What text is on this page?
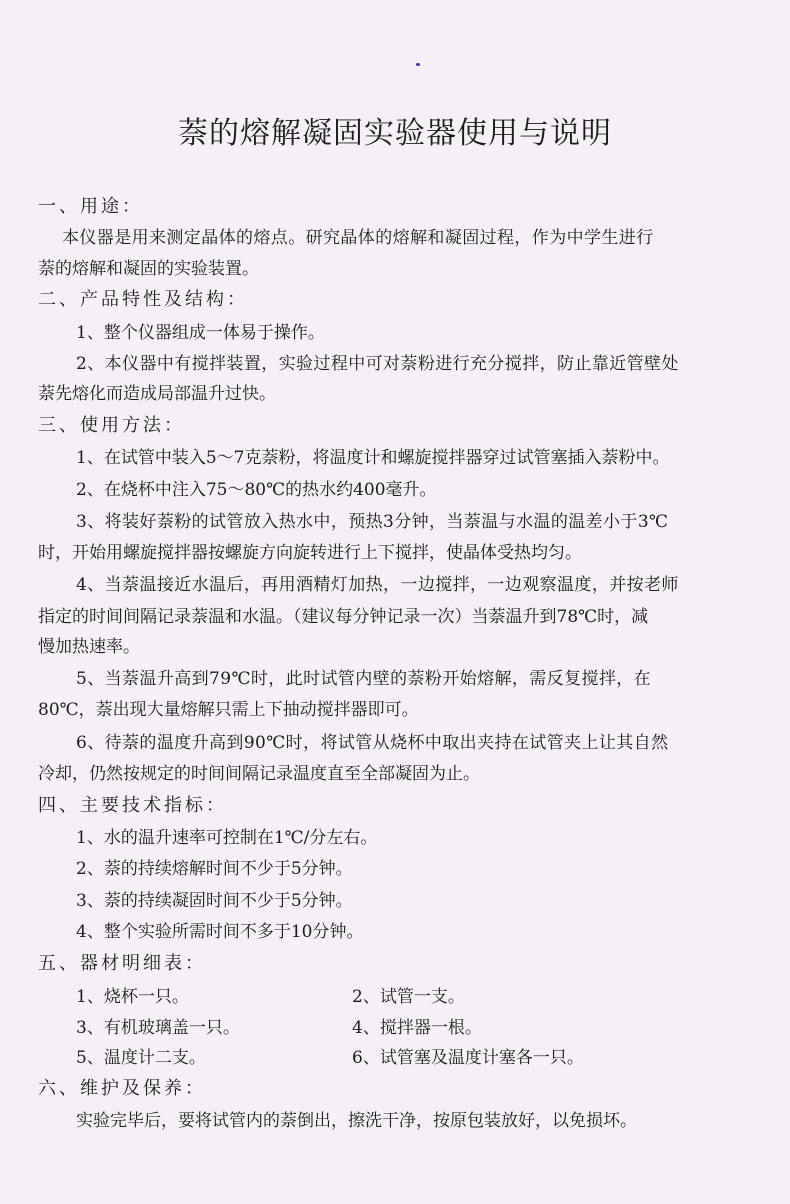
萘的熔解凝固实验器使用与说明
一、用途：
本仪器是用来测定晶体的熔点。研究晶体的熔解和凝固过程，作为中学生进行
萘的熔解和凝固的实验装置。
二、产品特性及结构：
1、整个仪器组成一体易于操作。
2、本仪器中有搅拌装置，实验过程中可对萘粉进行充分搅拌，防止靠近管壁处
萘先熔化而造成局部温升过快。
三、使用方法：
1、在试管中装入5～7克萘粉，将温度计和螺旋搅拌器穿过试管塞插入萘粉中。
2、在烧杯中注入75～80℃的热水约400毫升。
3、将装好萘粉的试管放入热水中，预热3分钟，当萘温与水温的温差小于3℃
时，开始用螺旋搅拌器按螺旋方向旋转进行上下搅拌，使晶体受热均匀。
4、当萘温接近水温后，再用酒精灯加热，一边搅拌，一边观察温度，并按老师
指定的时间间隔记录萘温和水温。（建议每分钟记录一次）当萘温升到78℃时，减
慢加热速率。
5、当萘温升高到79℃时，此时试管内壁的萘粉开始熔解，需反复搅拌，在
80℃，萘出现大量熔解只需上下抽动搅拌器即可。
6、待萘的温度升高到90℃时，将试管从烧杯中取出夹持在试管夹上让其自然
冷却，仍然按规定的时间间隔记录温度直至全部凝固为止。
四、主要技术指标：
1、水的温升速率可控制在1℃/分左右。
2、萘的持续熔解时间不少于5分钟。
3、萘的持续凝固时间不少于5分钟。
4、整个实验所需时间不多于10分钟。
五、器材明细表：
1、烧杯一只。	2、试管一支。
3、有机玻璃盖一只。	4、搅拌器一根。
5、温度计二支。	6、试管塞及温度计塞各一只。
六、维护及保养：
实验完毕后，要将试管内的萘倒出，擦洗干净，按原包装放好，以免损坏。
